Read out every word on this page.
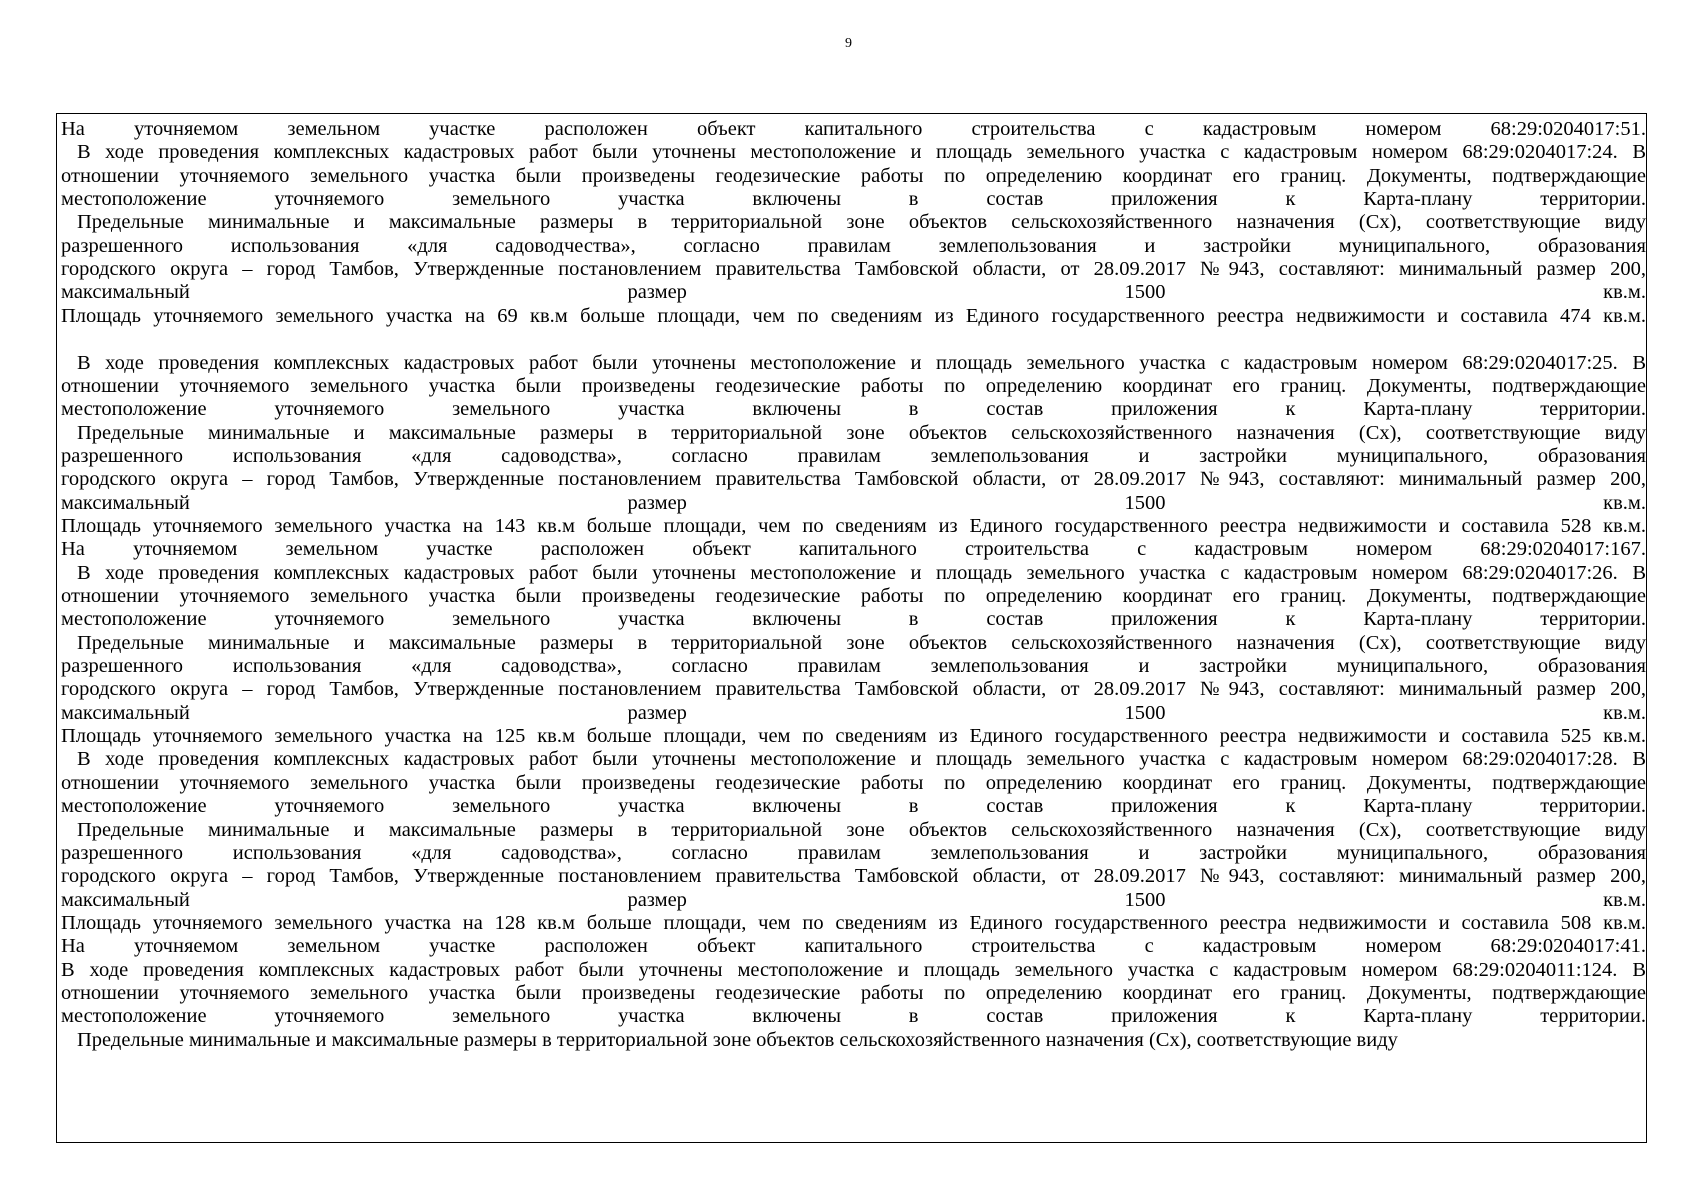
9
На уточняемом земельном участке расположен объект капитального строительства с кадастровым номером 68:29:0204017:51.
В ходе проведения комплексных кадастровых работ были уточнены местоположение и площадь земельного участка с кадастровым номером 68:29:0204017:24. В
отношении уточняемого земельного участка были произведены геодезические работы по определению координат его границ. Документы, подтверждающие
местоположение уточняемого земельного участка включены в состав приложения к Карта-плану территории.
Предельные минимальные и максимальные размеры в территориальной зоне объектов сельскохозяйственного назначения (Сх), соответствующие виду
разрешенного использования «для садоводчества», согласно правилам землепользования и застройки муниципального, образования
городского округа – город Тамбов, Утвержденные постановлением правительства Тамбовской области, от 28.09.2017 №943, составляют: минимальный размер 200,
максимальный размер 1500 кв.м.
Площадь уточняемого земельного участка на 69 кв.м больше площади, чем по сведениям из Единого государственного реестра недвижимости и составила 474 кв.м.
В ходе проведения комплексных кадастровых работ были уточнены местоположение и площадь земельного участка с кадастровым номером 68:29:0204017:25. В
отношении уточняемого земельного участка были произведены геодезические работы по определению координат его границ. Документы, подтверждающие
местоположение уточняемого земельного участка включены в состав приложения к Карта-плану территории.
Предельные минимальные и максимальные размеры в территориальной зоне объектов сельскохозяйственного назначения (Сх), соответствующие виду
разрешенного использования «для садоводства», согласно правилам землепользования и застройки муниципального, образования
городского округа – город Тамбов, Утвержденные постановлением правительства Тамбовской области, от 28.09.2017 №943, составляют: минимальный размер 200,
максимальный размер 1500 кв.м.
Площадь уточняемого земельного участка на 143 кв.м больше площади, чем по сведениям из Единого государственного реестра недвижимости и составила 528 кв.м.
На уточняемом земельном участке расположен объект капитального строительства с кадастровым номером 68:29:0204017:167.
В ходе проведения комплексных кадастровых работ были уточнены местоположение и площадь земельного участка с кадастровым номером 68:29:0204017:26. В
отношении уточняемого земельного участка были произведены геодезические работы по определению координат его границ. Документы, подтверждающие
местоположение уточняемого земельного участка включены в состав приложения к Карта-плану территории.
Предельные минимальные и максимальные размеры в территориальной зоне объектов сельскохозяйственного назначения (Сх), соответствующие виду
разрешенного использования «для садоводства», согласно правилам землепользования и застройки муниципального, образования
городского округа – город Тамбов, Утвержденные постановлением правительства Тамбовской области, от 28.09.2017 №943, составляют: минимальный размер 200,
максимальный размер 1500 кв.м.
Площадь уточняемого земельного участка на 125 кв.м больше площади, чем по сведениям из Единого государственного реестра недвижимости и составила 525 кв.м.
В ходе проведения комплексных кадастровых работ были уточнены местоположение и площадь земельного участка с кадастровым номером 68:29:0204017:28. В
отношении уточняемого земельного участка были произведены геодезические работы по определению координат его границ. Документы, подтверждающие
местоположение уточняемого земельного участка включены в состав приложения к Карта-плану территории.
Предельные минимальные и максимальные размеры в территориальной зоне объектов сельскохозяйственного назначения (Сх), соответствующие виду
разрешенного использования «для садоводства», согласно правилам землепользования и застройки муниципального, образования
городского округа – город Тамбов, Утвержденные постановлением правительства Тамбовской области, от 28.09.2017 №943, составляют: минимальный размер 200,
максимальный размер 1500 кв.м.
Площадь уточняемого земельного участка на 128 кв.м больше площади, чем по сведениям из Единого государственного реестра недвижимости и составила 508 кв.м.
На уточняемом земельном участке расположен объект капитального строительства с кадастровым номером 68:29:0204017:41.
В ходе проведения комплексных кадастровых работ были уточнены местоположение и площадь земельного участка с кадастровым номером 68:29:0204011:124. В
отношении уточняемого земельного участка были произведены геодезические работы по определению координат его границ. Документы, подтверждающие
местоположение уточняемого земельного участка включены в состав приложения к Карта-плану территории.
Предельные минимальные и максимальные размеры в территориальной зоне объектов сельскохозяйственного назначения (Сх), соответствующие виду
